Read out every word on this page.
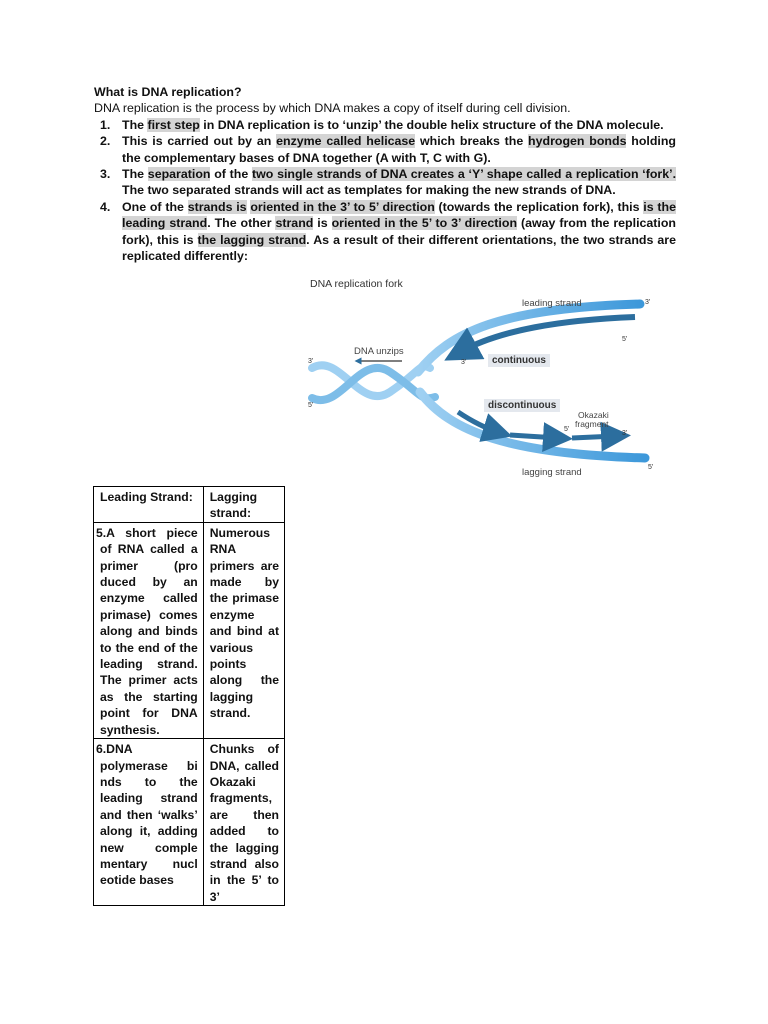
What is DNA replication?
DNA replication is the process by which DNA makes a copy of itself during cell division.
1. The first step in DNA replication is to ‘unzip’ the double helix structure of the DNA molecule.
2. This is carried out by an enzyme called helicase which breaks the hydrogen bonds holding the complementary bases of DNA together (A with T, C with G).
3. The separation of the two single strands of DNA creates a ‘Y’ shape called a replication ‘fork’. The two separated strands will act as templates for making the new strands of DNA.
4. One of the strands is oriented in the 3’ to 5’ direction (towards the replication fork), this is the leading strand. The other strand is oriented in the 5’ to 3’ direction (away from the replication fork), this is the lagging strand. As a result of their different orientations, the two strands are replicated differently:
DNA replication fork
leading strand
lagging strand
DNA unzips
continuous
discontinuous
Okazaki
fragment
3'
5'
3'
5'
3'
5'
3'
5'
Leading Strand:	Lagging strand:
5.A short piece of RNA called a primer (pro duced by an enzyme called primase) comes along and binds to the end of the leading strand. The primer acts as the starting point for DNA synthesis.	Numerous RNA primers are made by the primase enzyme and bind at various points along the lagging strand.
6.DNA polymerase bi nds to the leading strand and then ‘walks’ along it, adding new comple mentary nucl eotide bases	Chunks of DNA, called Okazaki fragments, are then added to the lagging strand also in the 5’ to 3’
